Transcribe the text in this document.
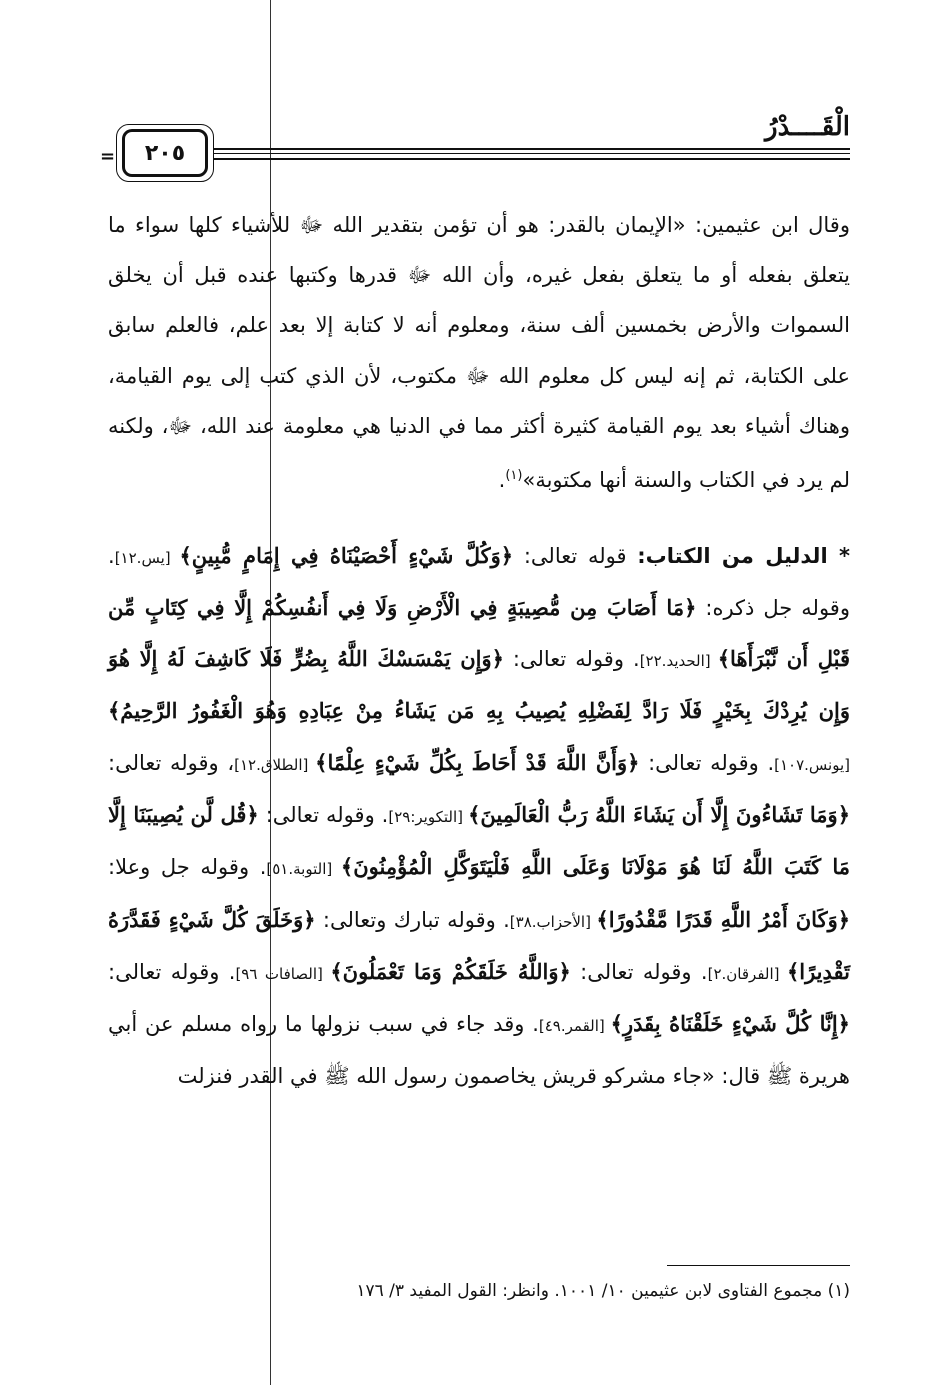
الْقَــــدْرُ
٢٠٥
=

وقال ابن عثيمين: «الإيمان بالقدر: هو أن تؤمن بتقدير الله ﷻ للأشياء كلها سواء ما يتعلق بفعله أو ما يتعلق بفعل غيره، وأن الله ﷻ قدرها وكتبها عنده قبل أن يخلق السموات والأرض بخمسين ألف سنة، ومعلوم أنه لا كتابة إلا بعد علم، فالعلم سابق على الكتابة، ثم إنه ليس كل معلوم الله ﷻ مكتوب، لأن الذي كتب إلى يوم القيامة، وهناك أشياء بعد يوم القيامة كثيرة أكثر مما في الدنيا هي معلومة عند الله، ﷻ، ولكنه لم يرد في الكتاب والسنة أنها مكتوبة»$^{(١)}$.

* الدليل من الكتاب: قوله تعالى: ﴿وَكُلَّ شَيْءٍ أَحْصَيْنَاهُ فِي إِمَامٍ مُّبِينٍ﴾ [يس.١٢]. وقوله جل ذكره: ﴿مَا أَصَابَ مِن مُّصِيبَةٍ فِي الْأَرْضِ وَلَا فِي أَنفُسِكُمْ إِلَّا فِي كِتَابٍ مِّن قَبْلِ أَن نَّبْرَأَهَا﴾ [الحديد.٢٢]. وقوله تعالى: ﴿وَإِن يَمْسَسْكَ اللَّهُ بِضُرٍّ فَلَا كَاشِفَ لَهُ إِلَّا هُوَ وَإِن يُرِدْكَ بِخَيْرٍ فَلَا رَادَّ لِفَضْلِهِ يُصِيبُ بِهِ مَن يَشَاءُ مِنْ عِبَادِهِ وَهُوَ الْغَفُورُ الرَّحِيمُ﴾ [يونس.١٠٧]. وقوله تعالى: ﴿وَأَنَّ اللَّهَ قَدْ أَحَاطَ بِكُلِّ شَيْءٍ عِلْمًا﴾ [الطلاق.١٢]، وقوله تعالى: ﴿وَمَا تَشَاءُونَ إِلَّا أَن يَشَاءَ اللَّهُ رَبُّ الْعَالَمِينَ﴾ [التكوير:٢٩]. وقوله تعالى: ﴿قُل لَّن يُصِيبَنَا إِلَّا مَا كَتَبَ اللَّهُ لَنَا هُوَ مَوْلَانَا وَعَلَى اللَّهِ فَلْيَتَوَكَّلِ الْمُؤْمِنُونَ﴾ [التوبة.٥١]. وقوله جل وعلا: ﴿وَكَانَ أَمْرُ اللَّهِ قَدَرًا مَّقْدُورًا﴾ [الأحزاب.٣٨]. وقوله تبارك وتعالى: ﴿وَخَلَقَ كُلَّ شَيْءٍ فَقَدَّرَهُ تَقْدِيرًا﴾ [الفرقان.٢]. وقوله تعالى: ﴿وَاللَّهُ خَلَقَكُمْ وَمَا تَعْمَلُونَ﴾ [الصافات ٩٦]. وقوله تعالى: ﴿إِنَّا كُلَّ شَيْءٍ خَلَقْنَاهُ بِقَدَرٍ﴾ [القمر.٤٩]. وقد جاء في سبب نزولها ما رواه مسلم عن أبي هريرة ﷺ قال: «جاء مشركو قريش يخاصمون رسول الله ﷺ في القدر فنزلت

(١) مجموع الفتاوى لابن عثيمين ١٠/ ١٠٠١. وانظر: القول المفيد ٣/ ١٧٦
